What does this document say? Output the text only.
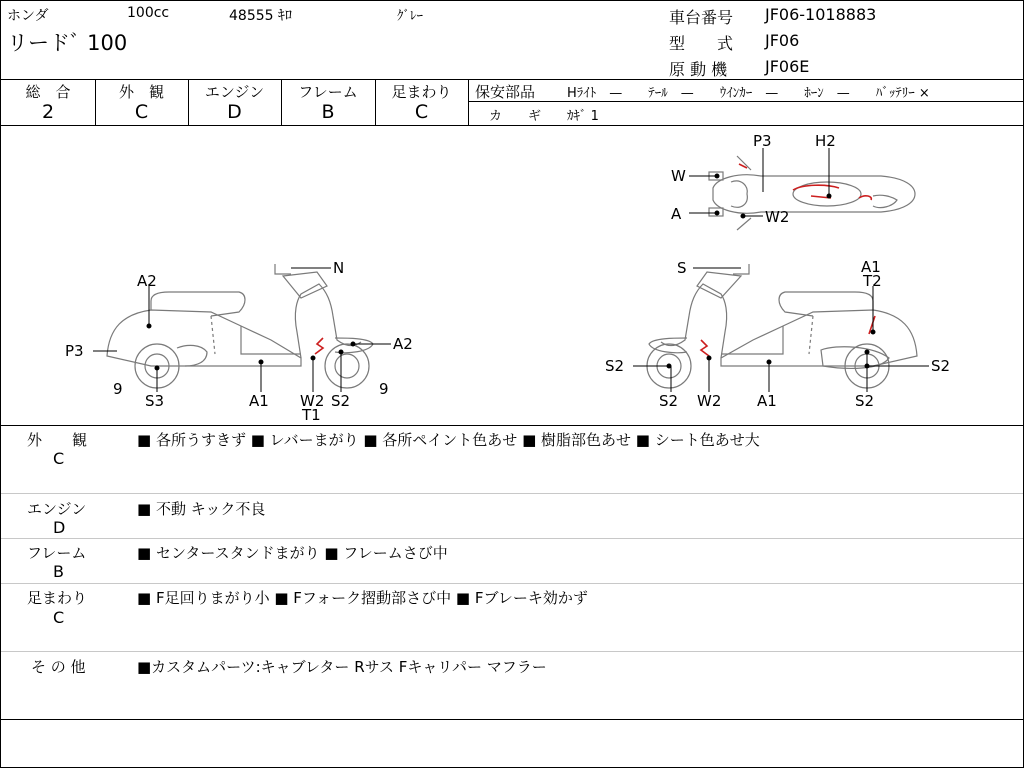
ホンダ	100cc	48555 ｷﾛ	ｸﾞﾚｰ
リードﾞ 100
車台番号 JF06-1018883
型　　式 JF06
原 動 機 JF06E
総　合	外　観	エンジン	フレーム	足まわり
2	C	D	B	C
保安部品 Hﾗｲﾄ　—　　ﾃｰﾙ　—　　ｳｲﾝｶｰ　—　　ﾎｰﾝ　—　　ﾊﾞｯﾃﾘｰ ×
カ　　ギ ｶｷﾞ 1
A2
N
P3	A2
9	9
S3	A1 W2
T1
S2
S	A1
T2
S2	S2
S2 W2 A1	S2
P3	H2
W
A	W2
外　　観
C
■ 各所うすきず ■ レバーまがり ■ 各所ペイント色あせ ■ 樹脂部色あせ ■ シート色あせ大
エンジン
D
■ 不動 キック不良
フレーム
B
■ センタースタンドまがり ■ フレームさび中
足まわり
C
■ F足回りまがり小 ■ Fフォーク摺動部さび中 ■ Fブレーキ効かず
そ の 他	■カスタムパーツ:キャブレター Rサス Fキャリパー マフラー
